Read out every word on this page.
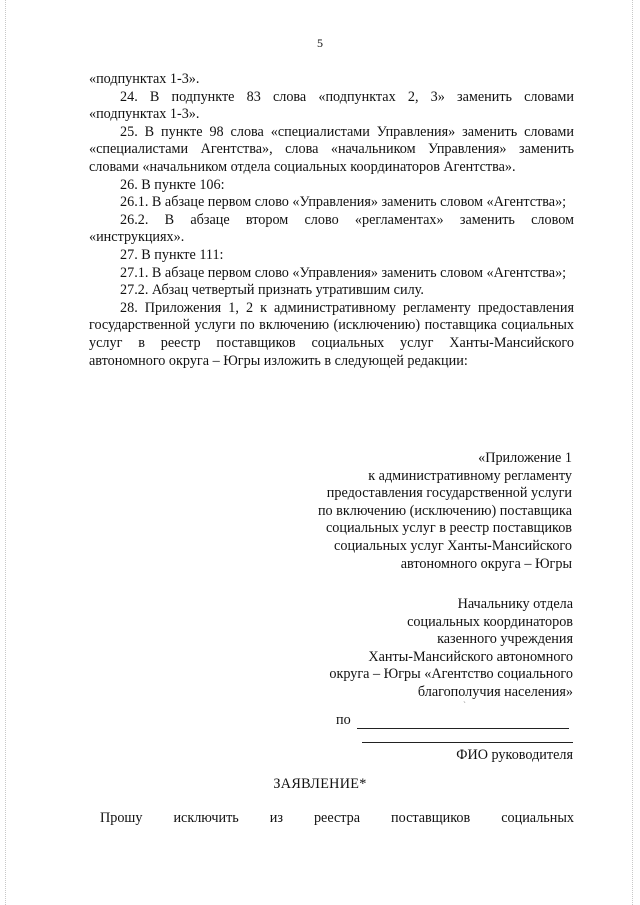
5

«подпунктах 1-3».

24. В подпункте 83 слова «подпунктах 2, 3» заменить словами «подпунктах 1-3».

25. В пункте 98 слова «специалистами Управления» заменить словами «специалистами Агентства», слова «начальником Управления» заменить словами «начальником отдела социальных координаторов Агентства».

26. В пункте 106:

26.1. В абзаце первом слово «Управления» заменить словом «Агентства»;

26.2. В абзаце втором слово «регламентах» заменить словом «инструкциях».

27. В пункте 111:

27.1. В абзаце первом слово «Управления» заменить словом «Агентства»;

27.2. Абзац четвертый признать утратившим силу.

28. Приложения 1, 2 к административному регламенту предоставления государственной услуги по включению (исключению) поставщика социальных услуг в реестр поставщиков социальных услуг Ханты-Мансийского автономного округа – Югры изложить в следующей редакции:

«Приложение 1
к административному регламенту
предоставления государственной услуги
по включению (исключению) поставщика
социальных услуг в реестр поставщиков
социальных услуг Ханты-Мансийского
автономного округа – Югры
Начальнику отдела
социальных координаторов
казенного учреждения
Ханты-Мансийского автономного
округа – Югры «Агентство социального
благополучия населения»
`
по
ФИО руководителя
ЗАЯВЛЕНИЕ*
Прошу исключить из реестра поставщиков социальных
